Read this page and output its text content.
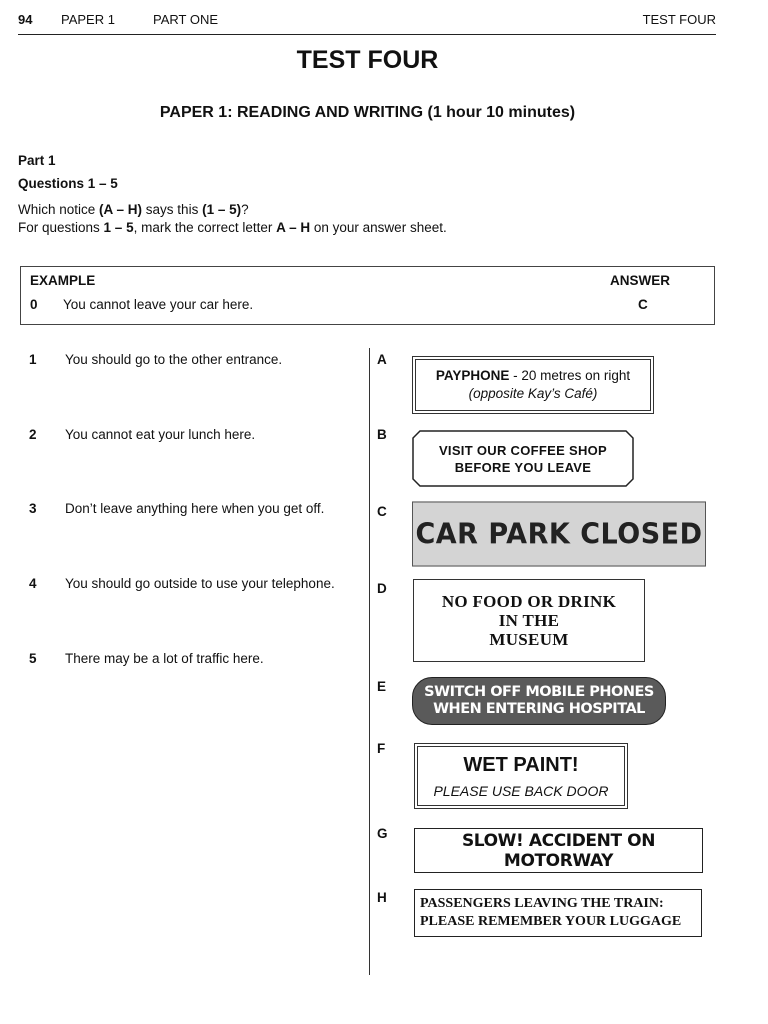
94 PAPER 1	PART ONE	TEST FOUR
TEST FOUR
PAPER 1: READING AND WRITING (1 hour 10 minutes)
Part 1
Questions 1 – 5
Which notice (A – H) says this (1 – 5)?
For questions 1 – 5, mark the correct letter A – H on your answer sheet.
EXAMPLE	ANSWER
0 You cannot leave your car here.	C
1 You should go to the other entrance.
2 You cannot eat your lunch here.
3 Don’t leave anything here when you get off.
4 You should go outside to use your telephone.
5 There may be a lot of traffic here.
A
B
C
D
E
F
G
H
PAYPHONE - 20 metres on right
(opposite Kay’s Café)
VISIT OUR COFFEE SHOP
BEFORE YOU LEAVE
CAR PARK CLOSED
NO FOOD OR DRINK
IN THE
MUSEUM
SWITCH OFF MOBILE PHONES
WHEN ENTERING HOSPITAL
WET PAINT!
PLEASE USE BACK DOOR
SLOW! ACCIDENT ON MOTORWAY
PASSENGERS LEAVING THE TRAIN:
PLEASE REMEMBER YOUR LUGGAGE
